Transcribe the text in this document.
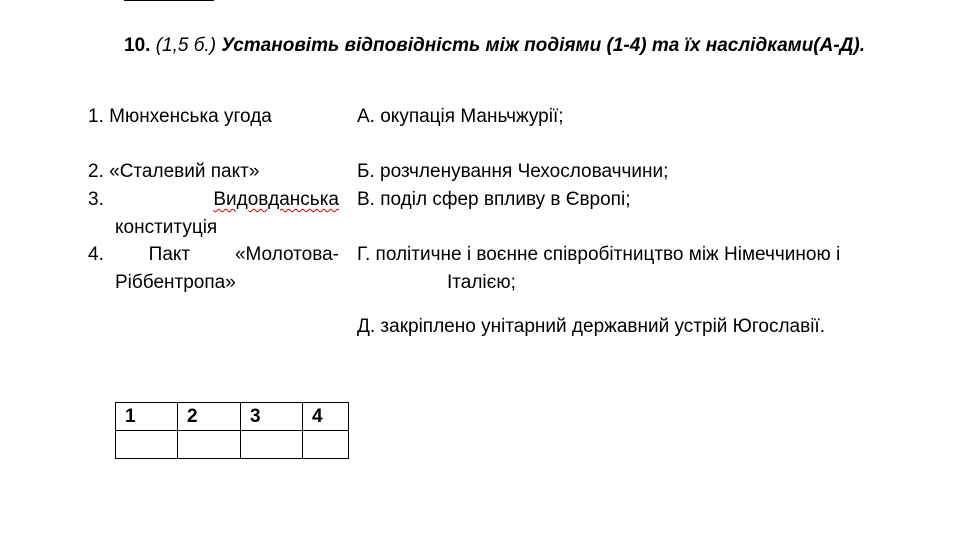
10. (1,5 б.) Установіть відповідність між подіями (1-4) та їх наслідками(А-Д).
1. Мюнхенська угода
2. «Сталевий пакт»
3.	Видовданська
конституція
4. Пакт «Молотова-
Ріббентропа»
А. окупація Маньчжурії;
Б. розчленування Чехословаччини;
В. поділ сфер впливу в Європі;
Г. політичне і воєнне співробітництво між Німеччиною і
Італією;
Д. закріплено унітарний державний устрій Югославії.
1	2	3	4
